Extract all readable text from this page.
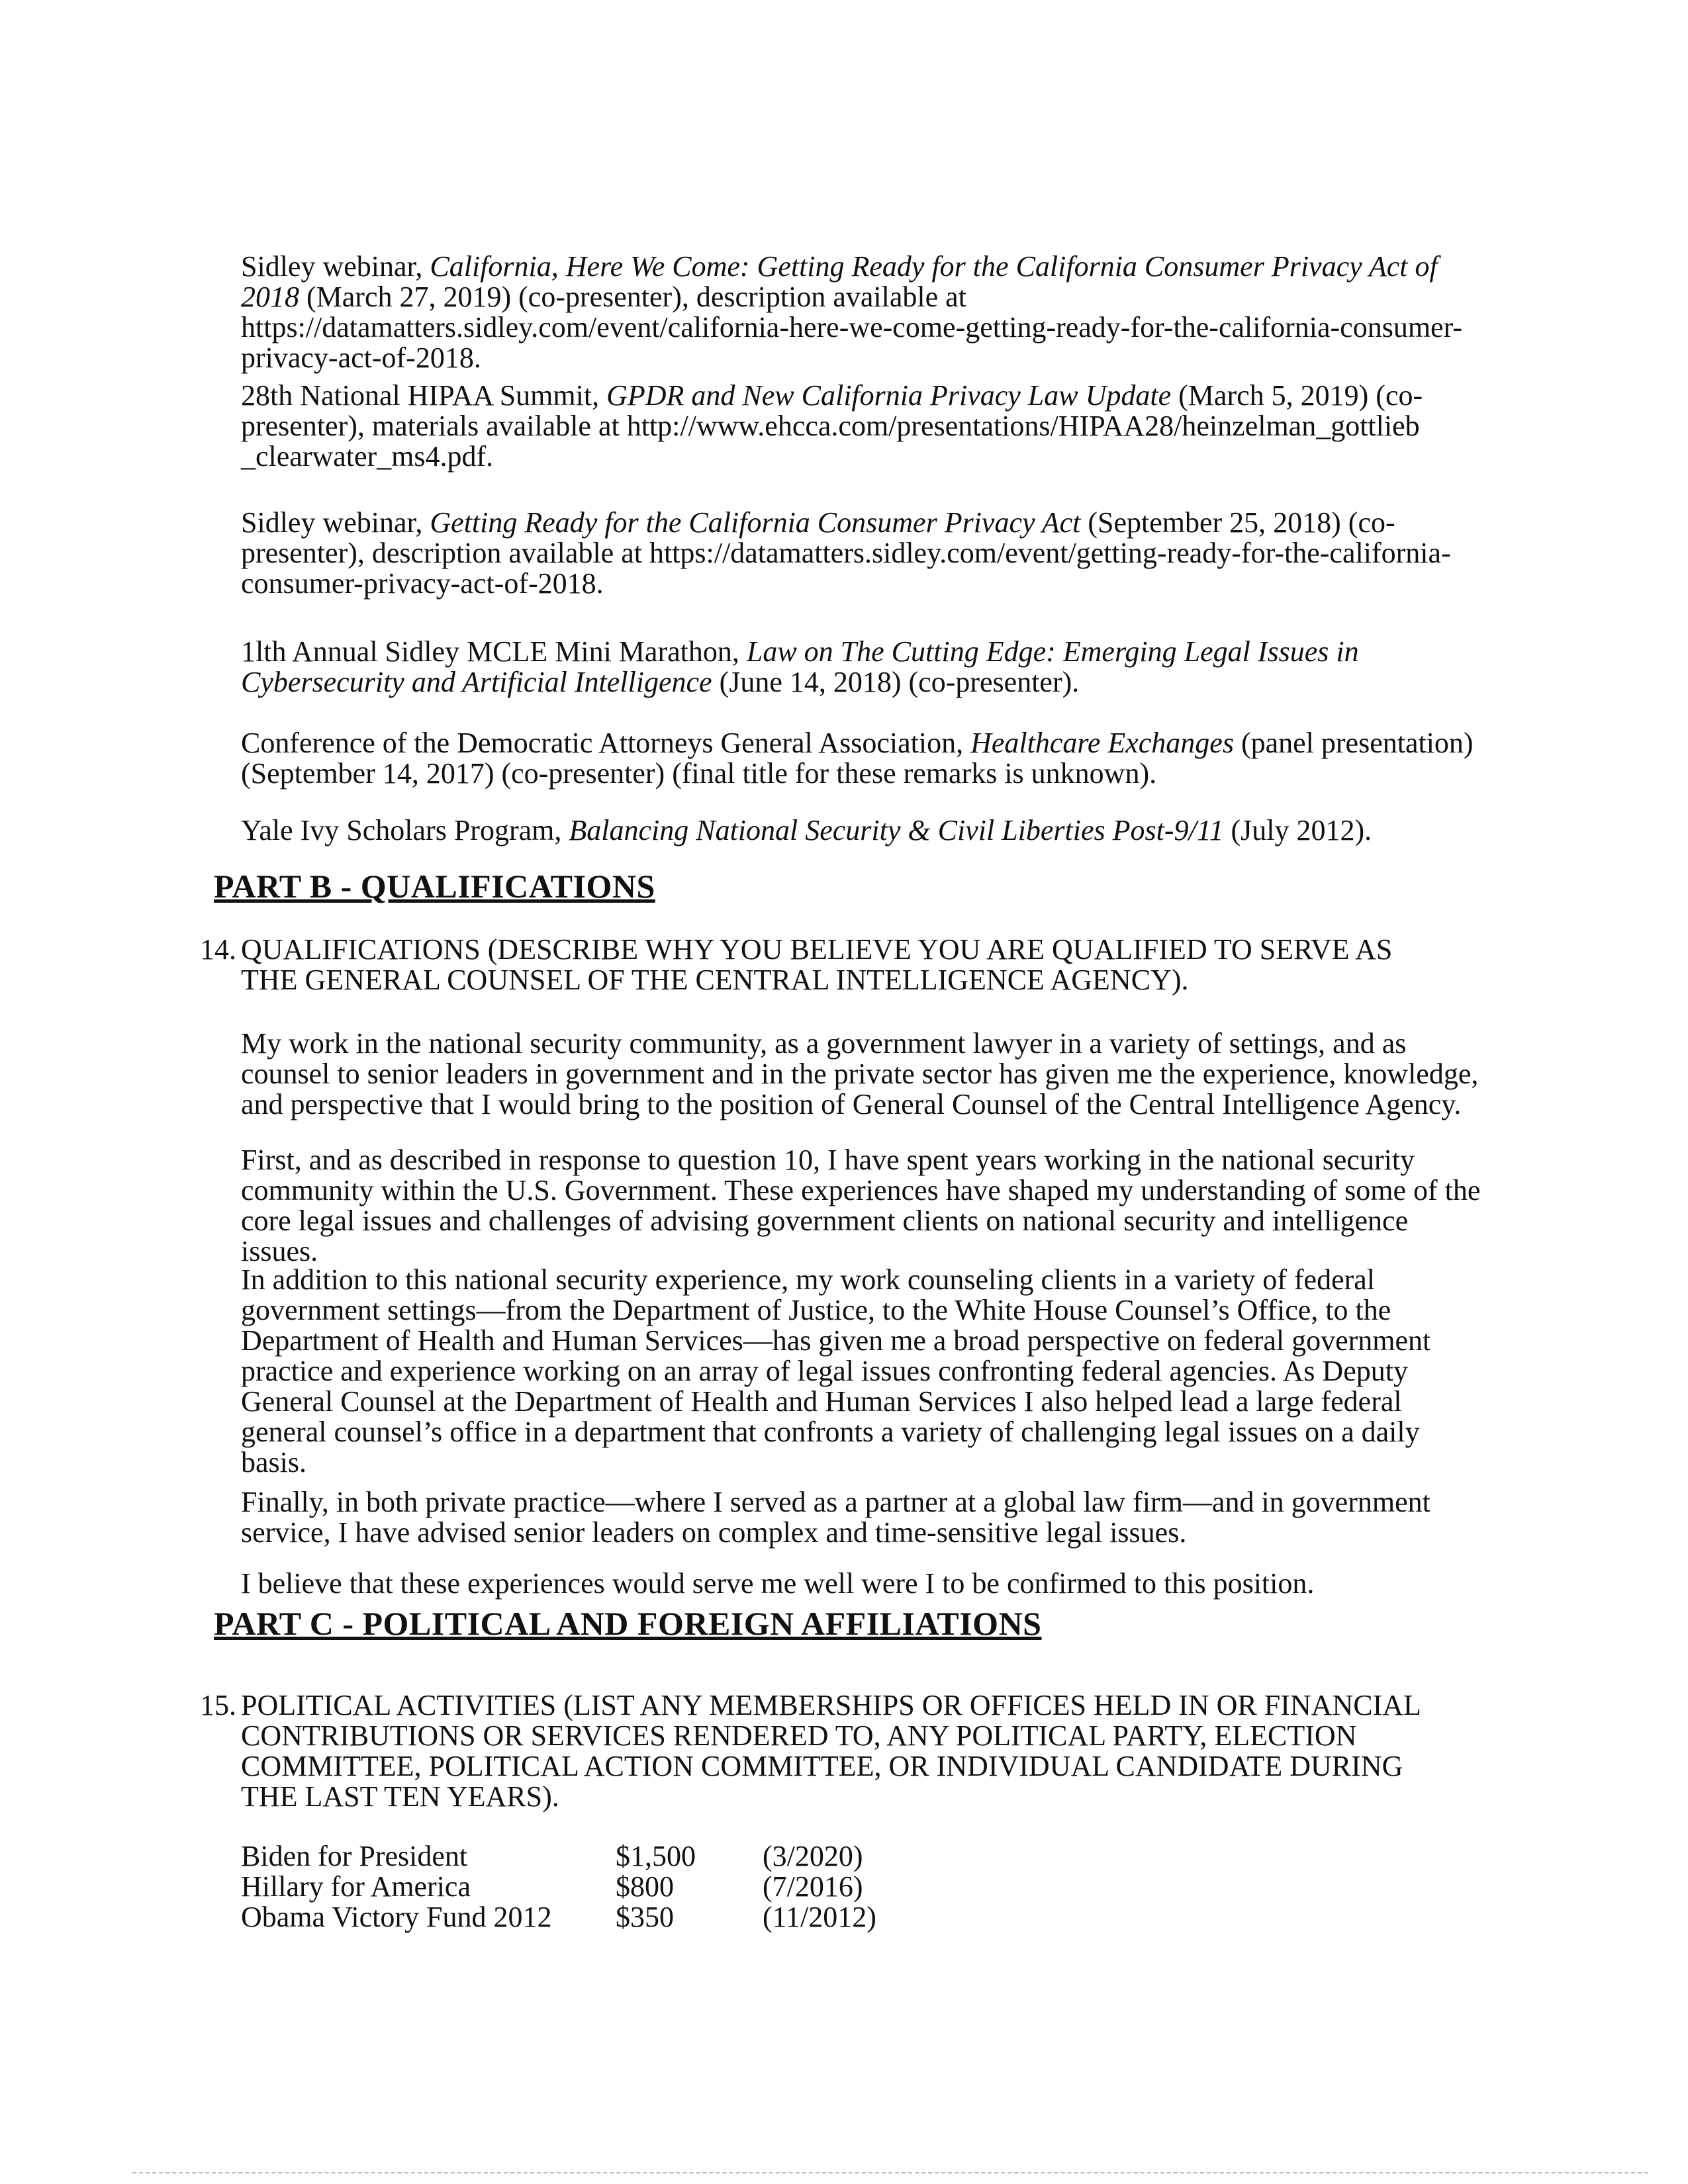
Sidley webinar, California, Here We Come: Getting Ready for the California Consumer Privacy Act of 2018 (March 27, 2019) (co-presenter), description available at https://datamatters.sidley.com/event/california-here-we-come-getting-ready-for-the-california-consumer-privacy-act-of-2018.

28th National HIPAA Summit, GPDR and New California Privacy Law Update (March 5, 2019) (co-presenter), materials available at http://www.ehcca.com/presentations/HIPAA28/heinzelman_gottlieb _clearwater_ms4.pdf.

Sidley webinar, Getting Ready for the California Consumer Privacy Act (September 25, 2018) (co-presenter), description available at https://datamatters.sidley.com/event/getting-ready-for-the-california-consumer-privacy-act-of-2018.

1lth Annual Sidley MCLE Mini Marathon, Law on The Cutting Edge: Emerging Legal Issues in Cybersecurity and Artificial Intelligence (June 14, 2018) (co-presenter).

Conference of the Democratic Attorneys General Association, Healthcare Exchanges (panel presentation) (September 14, 2017) (co-presenter) (final title for these remarks is unknown).

Yale Ivy Scholars Program, Balancing National Security & Civil Liberties Post-9/11 (July 2012).

PART B - QUALIFICATIONS
14. QUALIFICATIONS (DESCRIBE WHY YOU BELIEVE YOU ARE QUALIFIED TO SERVE AS THE GENERAL COUNSEL OF THE CENTRAL INTELLIGENCE AGENCY).

My work in the national security community, as a government lawyer in a variety of settings, and as counsel to senior leaders in government and in the private sector has given me the experience, knowledge, and perspective that I would bring to the position of General Counsel of the Central Intelligence Agency.

First, and as described in response to question 10, I have spent years working in the national security community within the U.S. Government. These experiences have shaped my understanding of some of the core legal issues and challenges of advising government clients on national security and intelligence issues.

In addition to this national security experience, my work counseling clients in a variety of federal government settings—from the Department of Justice, to the White House Counsel’s Office, to the Department of Health and Human Services—has given me a broad perspective on federal government practice and experience working on an array of legal issues confronting federal agencies. As Deputy General Counsel at the Department of Health and Human Services I also helped lead a large federal general counsel’s office in a department that confronts a variety of challenging legal issues on a daily basis.

Finally, in both private practice—where I served as a partner at a global law firm—and in government service, I have advised senior leaders on complex and time-sensitive legal issues.

I believe that these experiences would serve me well were I to be confirmed to this position.

PART C - POLITICAL AND FOREIGN AFFILIATIONS
15. POLITICAL ACTIVITIES (LIST ANY MEMBERSHIPS OR OFFICES HELD IN OR FINANCIAL CONTRIBUTIONS OR SERVICES RENDERED TO, ANY POLITICAL PARTY, ELECTION COMMITTEE, POLITICAL ACTION COMMITTEE, OR INDIVIDUAL CANDIDATE DURING THE LAST TEN YEARS).
Biden for President	$1,500	(3/2020)
Hillary for America	$800	(7/2016)
Obama Victory Fund 2012	$350	(11/2012)
